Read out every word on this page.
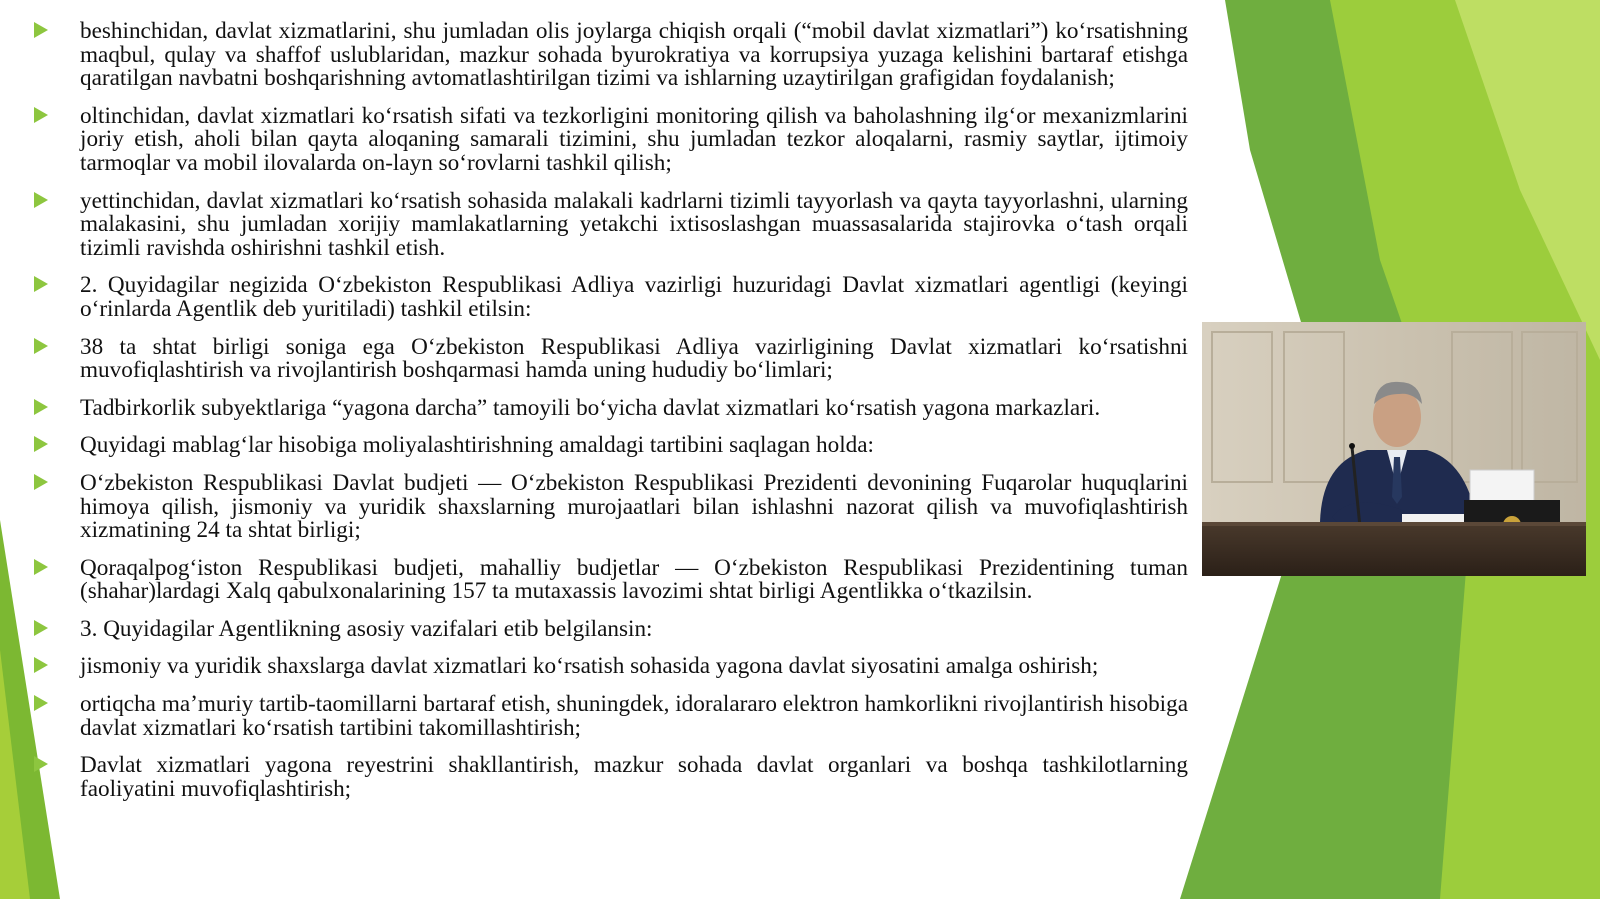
beshinchidan, davlat xizmatlarini, shu jumladan olis joylarga chiqish orqali (“mobil davlat xizmatlari”) koʻrsatishning maqbul, qulay va shaffof uslublaridan, mazkur sohada byurokratiya va korrupsiya yuzaga kelishini bartaraf etishga qaratilgan navbatni boshqarishning avtomatlashtirilgan tizimi va ishlarning uzaytirilgan grafigidan foydalanish;
oltinchidan, davlat xizmatlari koʻrsatish sifati va tezkorligini monitoring qilish va baholashning ilgʻor mexanizmlarini joriy etish, aholi bilan qayta aloqaning samarali tizimini, shu jumladan tezkor aloqalarni, rasmiy saytlar, ijtimoiy tarmoqlar va mobil ilovalarda on-layn soʻrovlarni tashkil qilish;
yettinchidan, davlat xizmatlari koʻrsatish sohasida malakali kadrlarni tizimli tayyorlash va qayta tayyorlashni, ularning malakasini, shu jumladan xorijiy mamlakatlarning yetakchi ixtisoslashgan muassasalarida stajirovka oʻtash orqali tizimli ravishda oshirishni tashkil etish.
2. Quyidagilar negizida Oʻzbekiston Respublikasi Adliya vazirligi huzuridagi Davlat xizmatlari agentligi (keyingi oʻrinlarda Agentlik deb yuritiladi) tashkil etilsin:
38 ta shtat birligi soniga ega Oʻzbekiston Respublikasi Adliya vazirligining Davlat xizmatlari koʻrsatishni muvofiqlashtirish va rivojlantirish boshqarmasi hamda uning hududiy boʻlimlari;
Tadbirkorlik subyektlariga “yagona darcha” tamoyili boʻyicha davlat xizmatlari koʻrsatish yagona markazlari.
Quyidagi mablagʻlar hisobiga moliyalashtirishning amaldagi tartibini saqlagan holda:
Oʻzbekiston Respublikasi Davlat budjeti — Oʻzbekiston Respublikasi Prezidenti devonining Fuqarolar huquqlarini himoya qilish, jismoniy va yuridik shaxslarning murojaatlari bilan ishlashni nazorat qilish va muvofiqlashtirish xizmatining 24 ta shtat birligi;
Qoraqalpogʻiston Respublikasi budjeti, mahalliy budjetlar — Oʻzbekiston Respublikasi Prezidentining tuman (shahar)lardagi Xalq qabulxonalarining 157 ta mutaxassis lavozimi shtat birligi Agentlikka oʻtkazilsin.
3. Quyidagilar Agentlikning asosiy vazifalari etib belgilansin:
jismoniy va yuridik shaxslarga davlat xizmatlari koʻrsatish sohasida yagona davlat siyosatini amalga oshirish;
ortiqcha maʼmuriy tartib-taomillarni bartaraf etish, shuningdek, idoralararo elektron hamkorlikni rivojlantirish hisobiga davlat xizmatlari koʻrsatish tartibini takomillashtirish;
Davlat xizmatlari yagona reyestrini shakllantirish, mazkur sohada davlat organlari va boshqa tashkilotlarning faoliyatini muvofiqlashtirish;
